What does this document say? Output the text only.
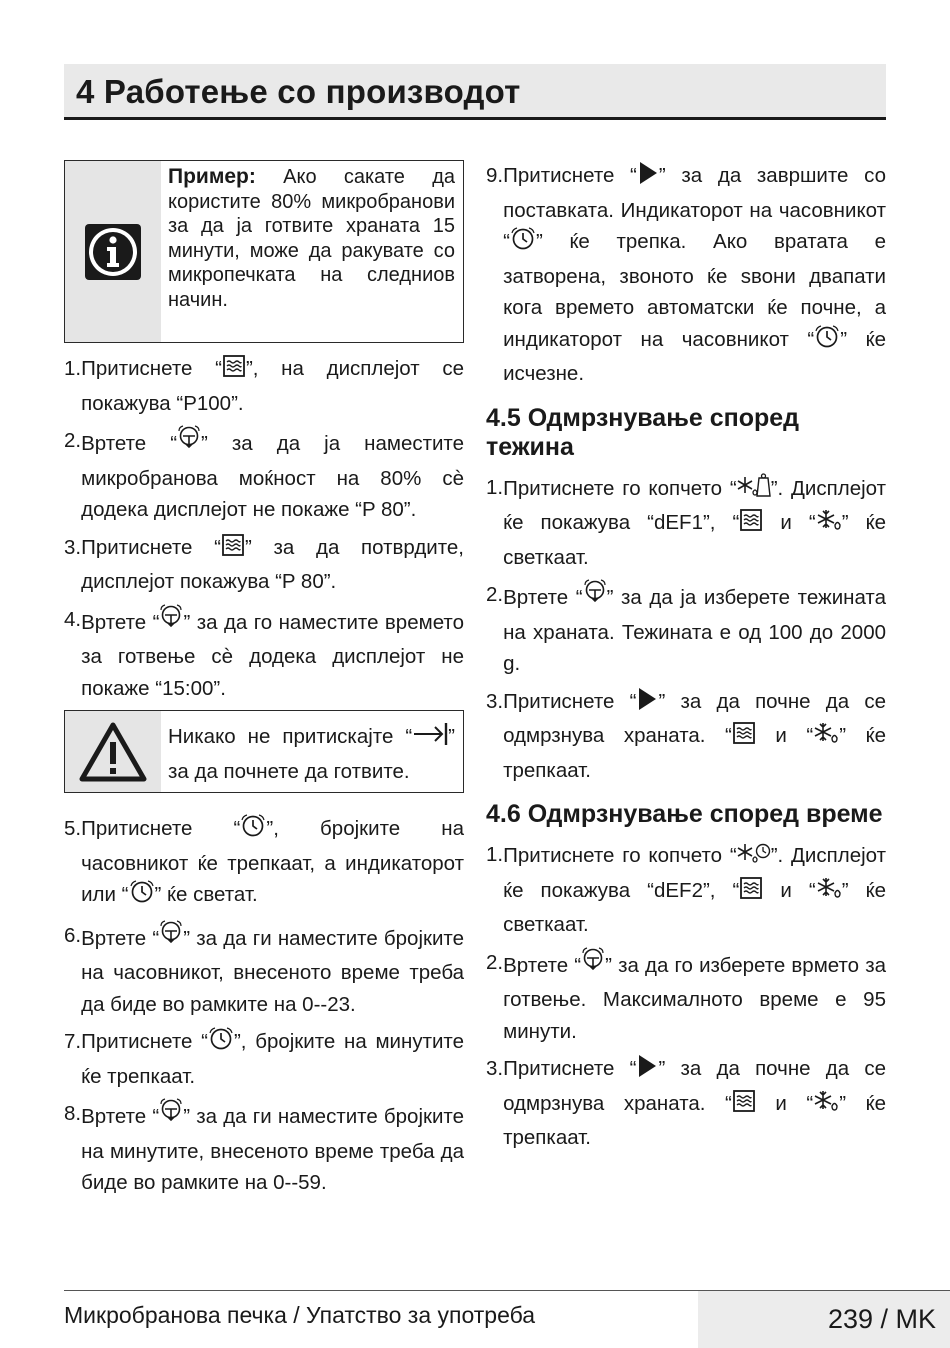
4 Работење со производот
Пример: Ако сакате да користите 80% микробранови за да ја готвите храната 15 минути, може да ракувате со микропечката на следниов начин.
1. Притиснете “ ”, на дисплејот се покажува “P100”.
2. Вртете “ ” за да ја наместите микробранова моќност на 80% сѐ додека дисплејот не покаже “P 80”.
3. Притиснете “ ” за да потврдите, дисплејот покажува “P 80”.
4. Вртете “ ” за да го наместите времето за готвење сѐ додека дисплејот не покаже “15:00”.
Никако не притискајте “ ” за да почнете да готвите.
5. Притиснете “ ”, бројките на часовникот ќе трепкаат, а индикаторот или “ ” ќе светат.
6. Вртете “ ” за да ги наместите бројките на часовникот, внесеното време треба да биде во рамките на 0--23.
7. Притиснете “ ”, бројките на минутите ќе трепкаат.
8. Вртете “ ” за да ги наместите бројките на минутите, внесеното време треба да биде во рамките на 0--59.
9. Притиснете “ ” за да завршите со поставката. Индикаторот на часовникот “ ” ќе трепка. Ако вратата е затворена, звоното ќе ѕвони двапати кога времето автоматски ќе почне, а индикаторот на часовникот “ ” ќе исчезне.
4.5 Одмрзнување според тежина
1. Притиснете го копчето “ ”. Дисплејот ќе покажува “dEF1”, “ и “ ” ќе светкаат.
2. Вртете “ ” за да ја изберете тежината на храната. Тежината е од 100 до 2000 g.
3. Притиснете “ ” за да почне да се одмрзнува храната. “ и “ ” ќе трепкаат.
4.6 Одмрзнување според време
1. Притиснете го копчето “ ”. Дисплејот ќе покажува “dEF2”, “ и “ ” ќе светкаат.
2. Вртете “ ” за да го изберете врмето за готвење. Максималното време е 95 минути.
3. Притиснете “ ” за да почне да се одмрзнува храната. “ и “ ” ќе трепкаат.
Микробранова печка / Упатство за употреба	239 / MK
